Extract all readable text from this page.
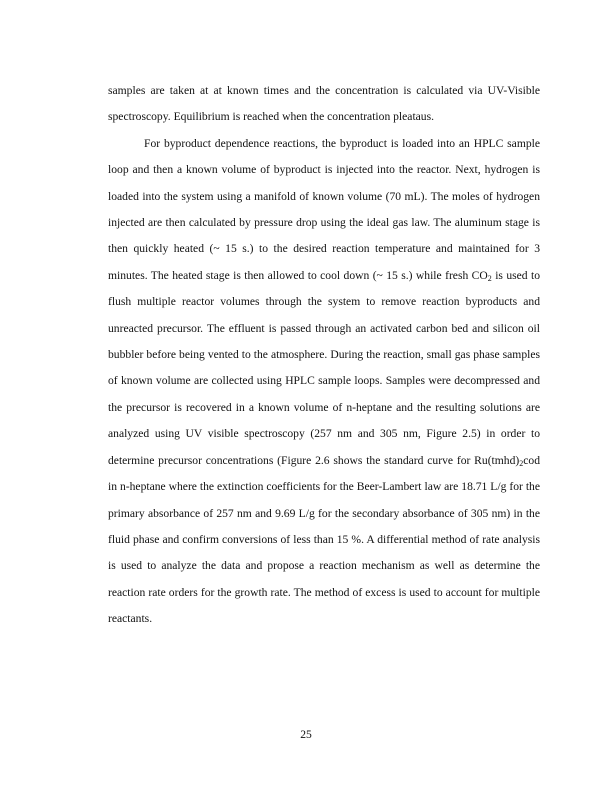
samples are taken at at known times and the concentration is calculated via UV-Visible spectroscopy. Equilibrium is reached when the concentration pleataus.

For byproduct dependence reactions, the byproduct is loaded into an HPLC sample loop and then a known volume of byproduct is injected into the reactor. Next, hydrogen is loaded into the system using a manifold of known volume (70 mL). The moles of hydrogen injected are then calculated by pressure drop using the ideal gas law. The aluminum stage is then quickly heated (~ 15 s.) to the desired reaction temperature and maintained for 3 minutes. The heated stage is then allowed to cool down (~ 15 s.) while fresh $CO_2$ is used to flush multiple reactor volumes through the system to remove reaction byproducts and unreacted precursor. The effluent is passed through an activated carbon bed and silicon oil bubbler before being vented to the atmosphere. During the reaction, small gas phase samples of known volume are collected using HPLC sample loops. Samples were decompressed and the precursor is recovered in a known volume of n-heptane and the resulting solutions are analyzed using UV visible spectroscopy (257 nm and 305 nm, Figure 2.5) in order to determine precursor concentrations (Figure 2.6 shows the standard curve for $Ru(tmhd)_2cod$ in n-heptane where the extinction coefficients for the Beer-Lambert law are 18.71 L/g for the primary absorbance of 257 nm and 9.69 L/g for the secondary absorbance of 305 nm) in the fluid phase and confirm conversions of less than 15 %. A differential method of rate analysis is used to analyze the data and propose a reaction mechanism as well as determine the reaction rate orders for the growth rate. The method of excess is used to account for multiple reactants.

25
